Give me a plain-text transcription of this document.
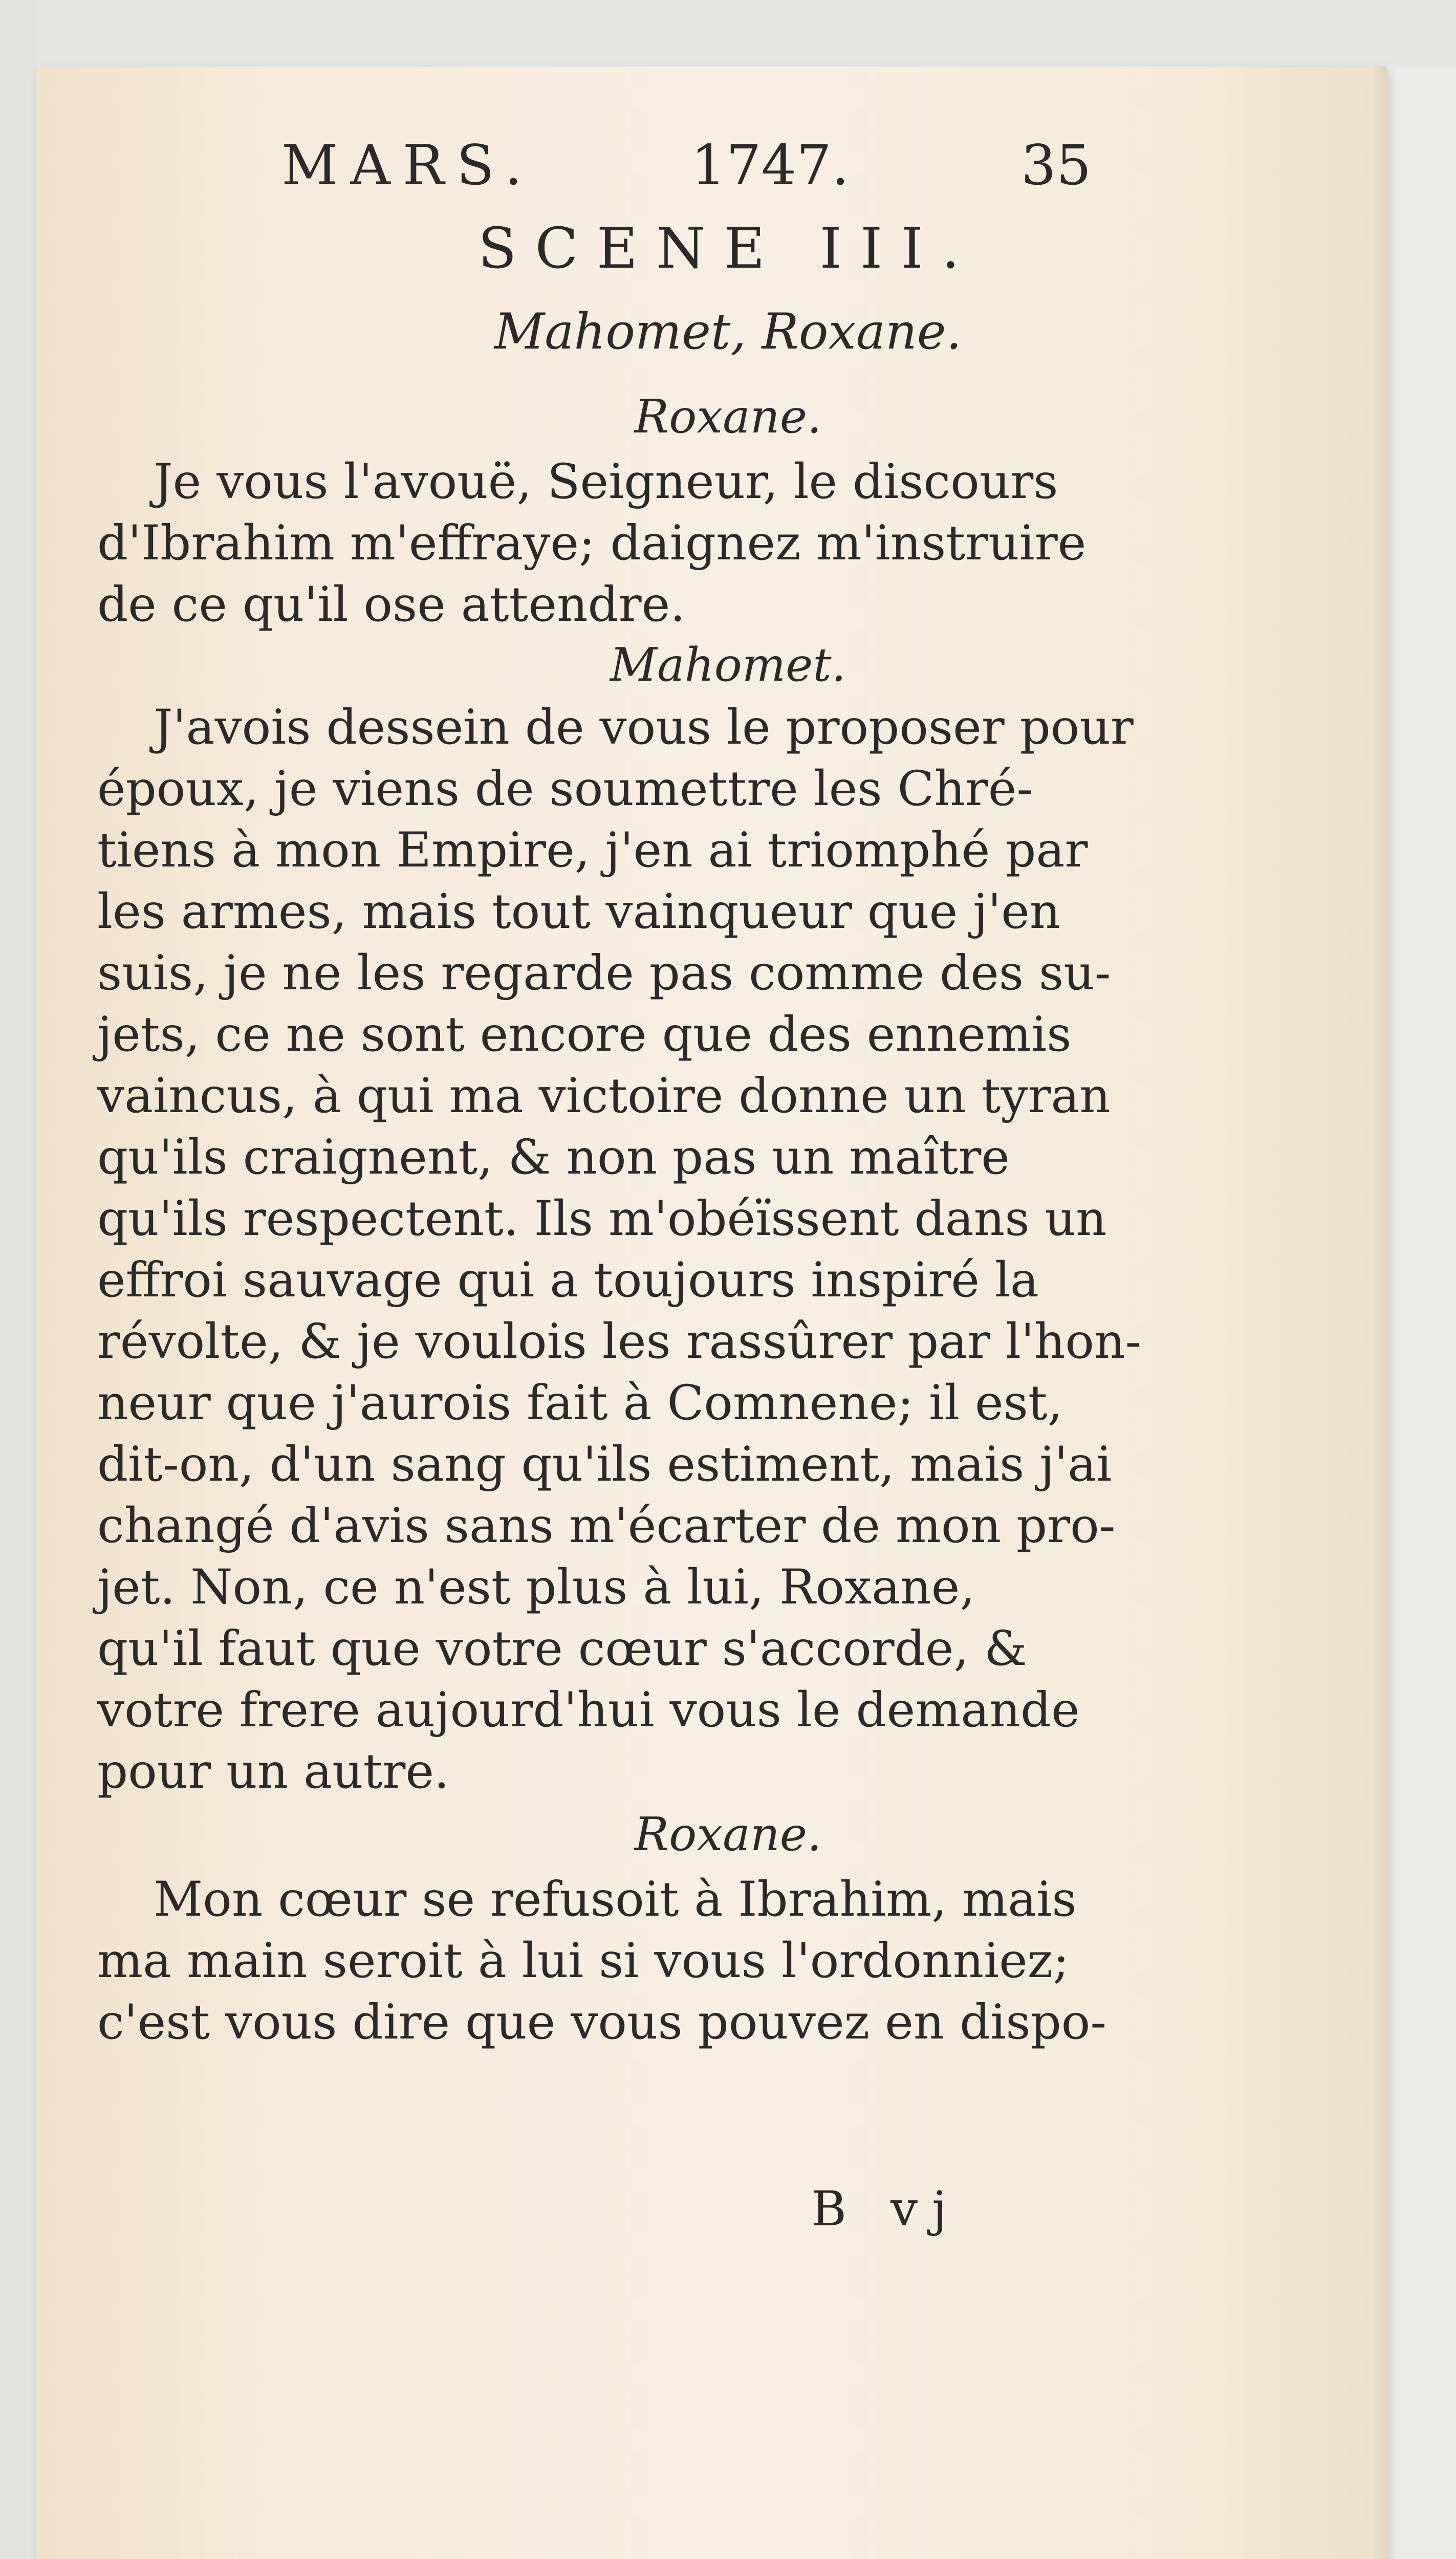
MARS.	1747.	35
SCENE III.
Mahomet, Roxane.
Roxane.
Je vous l'avouë, Seigneur, le discours
d'Ibrahim m'effraye; daignez m'instruire
de ce qu'il ose attendre.
Mahomet.
J'avois dessein de vous le proposer pour
époux, je viens de soumettre les Chré-
tiens à mon Empire, j'en ai triomphé par
les armes, mais tout vainqueur que j'en
suis, je ne les regarde pas comme des su-
jets, ce ne sont encore que des ennemis
vaincus, à qui ma victoire donne un tyran
qu'ils craignent, & non pas un maître
qu'ils respectent. Ils m'obéïssent dans un
effroi sauvage qui a toujours inspiré la
révolte, & je voulois les rassûrer par l'hon-
neur que j'aurois fait à Comnene; il est,
dit-on, d'un sang qu'ils estiment, mais j'ai
changé d'avis sans m'écarter de mon pro-
jet. Non, ce n'est plus à lui, Roxane,
qu'il faut que votre cœur s'accorde, &
votre frere aujourd'hui vous le demande
pour un autre.
Roxane.
Mon cœur se refusoit à Ibrahim, mais
ma main seroit à lui si vous l'ordonniez;
c'est vous dire que vous pouvez en dispo-
B vj
